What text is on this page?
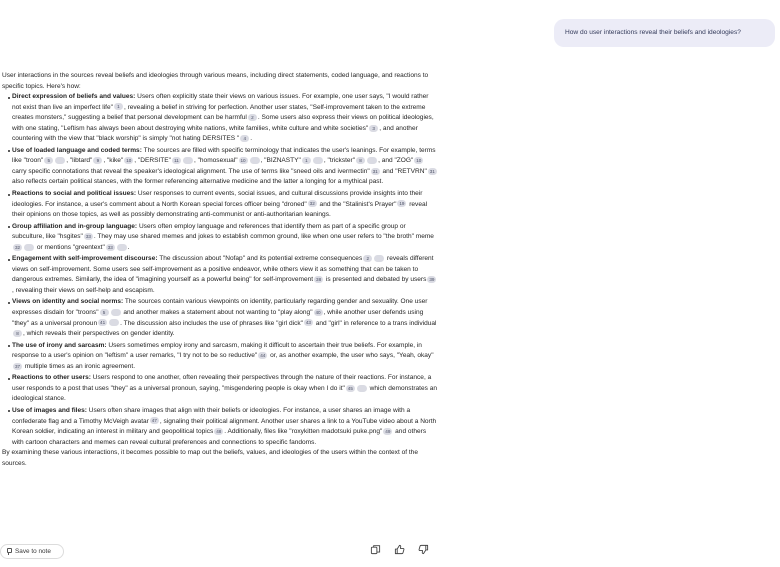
How do user interactions reveal their beliefs and ideologies?

User interactions in the sources reveal beliefs and ideologies through various means, including direct statements, coded language, and reactions to specific topics. Here's how:

Direct expression of beliefs and values: Users often explicitly state their views on various issues. For example, one user says, "I would rather not exist than live an imperfect life" 1 , revealing a belief in striving for perfection. Another user states, "Self-improvement taken to the extreme creates monsters," suggesting a belief that personal development can be harmful 2 . Some users also express their views on political ideologies, with one stating, "Leftism has always been about destroying white nations, white families, white culture and white societies" 3 , and another countering with the view that "black worship" is simply "not hating DERSITES " 4 .
Use of loaded language and coded terms: The sources are filled with specific terminology that indicates the user's leanings. For example, terms like "troon" 5 , "libtard" 9 , "kike" 10 , "DERSITE" 11 , "homosexual" 10 , "BIZNASTY" 1 , "trickster" 8 , and "ZOG" 10 carry specific connotations that reveal the speaker's ideological alignment. The use of terms like "sneed oils and ivermectin" 31 and "RETVRN" 31 also reflects certain political stances, with the former referencing alternative medicine and the latter a longing for a mythical past.
Reactions to social and political issues: User responses to current events, social issues, and cultural discussions provide insights into their ideologies. For instance, a user's comment about a North Korean special forces officer being "droned" 32 and the "Stalinist's Prayer" 19 reveal their opinions on those topics, as well as possibly demonstrating anti-communist or anti-authoritarian leanings.
Group affiliation and in-group language: Users often employ language and references that identify them as part of a specific group or subculture, like "hsgites" 33 . They may use shared memes and jokes to establish common ground, like when one user refers to "the broth" meme32 or mentions "greentext" 33 .
Engagement with self-improvement discourse: The discussion about "Nofap" and its potential extreme consequences 2 reveals different views on self-improvement. Some users see self-improvement as a positive endeavor, while others view it as something that can be taken to dangerous extremes. Similarly, the idea of "imagining yourself as a powerful being" for self-improvement 38 is presented and debated by users 39, revealing their views on self-help and escapism.
Views on identity and social norms: The sources contain various viewpoints on identity, particularly regarding gender and sexuality. One user expresses disdain for "troons" 5 and another makes a statement about not wanting to "play along" 40 , while another user defends using "they" as a universal pronoun 41 . The discussion also includes the use of phrases like "girl dick" 43 and "girl" in reference to a trans individual8 , which reveals their perspectives on gender identity.
The use of irony and sarcasm: Users sometimes employ irony and sarcasm, making it difficult to ascertain their true beliefs. For example, in response to a user's opinion on "leftism" a user remarks, "I try not to be so reductive" 44 or, as another example, the user who says, "Yeah, okay"37 multiple times as an ironic agreement.
Reactions to other users: Users respond to one another, often revealing their perspectives through the nature of their reactions. For instance, a user responds to a post that uses "they" as a universal pronoun, saying, "misgendering people is okay when I do it" 45 which demonstrates an ideological stance.
Use of images and files: Users often share images that align with their beliefs or ideologies. For instance, a user shares an image with a confederate flag and a Timothy McVeigh avatar 47 , signaling their political alignment. Another user shares a link to a YouTube video about a North Korean soldier, indicating an interest in military and geopolitical topics 48 . Additionally, files like "roxykitten madotsuki puke.png" 49 and others with cartoon characters and memes can reveal cultural preferences and connections to specific fandoms.

By examining these various interactions, it becomes possible to map out the beliefs, values, and ideologies of the users within the context of the sources.

Save to note
